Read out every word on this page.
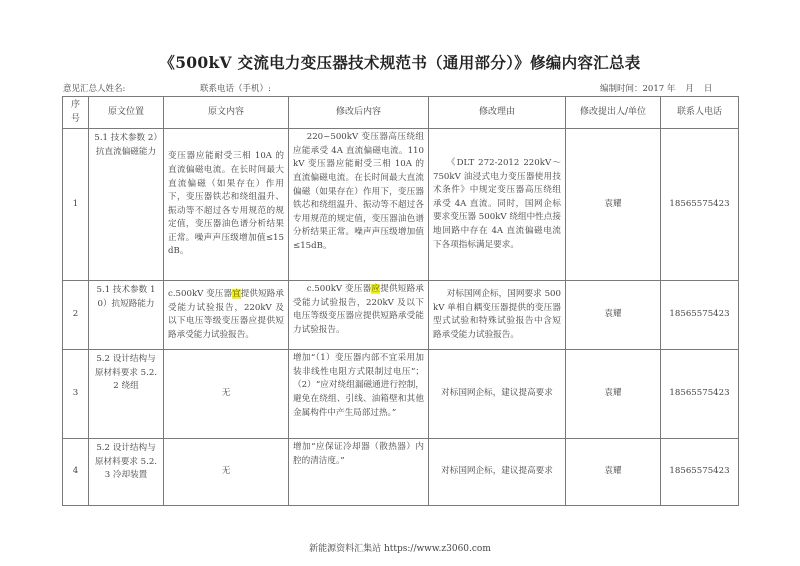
《500kV 交流电力变压器技术规范书（通用部分）》修编内容汇总表
意见汇总人姓名:	联系电话（手机）:	编制时间：2017 年 月 日
序号	原文位置	原文内容	修改后内容	修改理由	修改提出人/单位	联系人电话
1	5.1 技术参数 2）抗直流偏磁能力	变压器应能耐受三相 10A 的直流偏磁电流。在长时间最大直流偏磁（如果存在）作用下，变压器铁芯和绕组温升、振动等不超过各专用规范的规定值，变压器油色谱分析结果正常。噪声声压级增加值≤15dB。	220~500kV 变压器高压绕组应能承受 4A 直流偏磁电流。110kV 变压器应能耐受三相 10A 的直流偏磁电流。在长时间最大直流偏磁（如果存在）作用下，变压器铁芯和绕组温升、振动等不超过各专用规范的规定值，变压器油色谱分析结果正常。噪声声压级增加值≤15dB。	《DLT 272-2012 220kV～750kV 油浸式电力变压器使用技术条件》中规定变压器高压绕组承受 4A 直流。同时，国网企标要求变压器 500kV 绕组中性点接地回路中存在 4A 直流偏磁电流下各项指标满足要求。	袁耀	18565575423
2	5.1 技术参数 10）抗短路能力	c.500kV 变压器宜提供短路承受能力试验报告，220kV 及以下电压等级变压器应提供短路承受能力试验报告。	c.500kV 变压器应提供短路承受能力试验报告，220kV 及以下电压等级变压器应提供短路承受能力试验报告。	对标国网企标，国网要求 500kV 单相自耦变压器提供的变压器型式试验和特殊试验报告中含短路承受能力试验报告。	袁耀	18565575423
3	5.2 设计结构与原材料要求 5.2.2 绕组	无	增加“（1）变压器内部不宜采用加装非线性电阻方式限制过电压”；（2）“应对绕组漏磁通进行控制，避免在绕组、引线、油箱壁和其他金属构件中产生局部过热。”	对标国网企标，建议提高要求	袁耀	18565575423
4	5.2 设计结构与原材料要求 5.2.3 冷却装置	无	增加“应保证冷却器（散热器）内腔的清洁度。”	对标国网企标，建议提高要求	袁耀	18565575423
新能源资料汇集站 https://www.z3060.com
